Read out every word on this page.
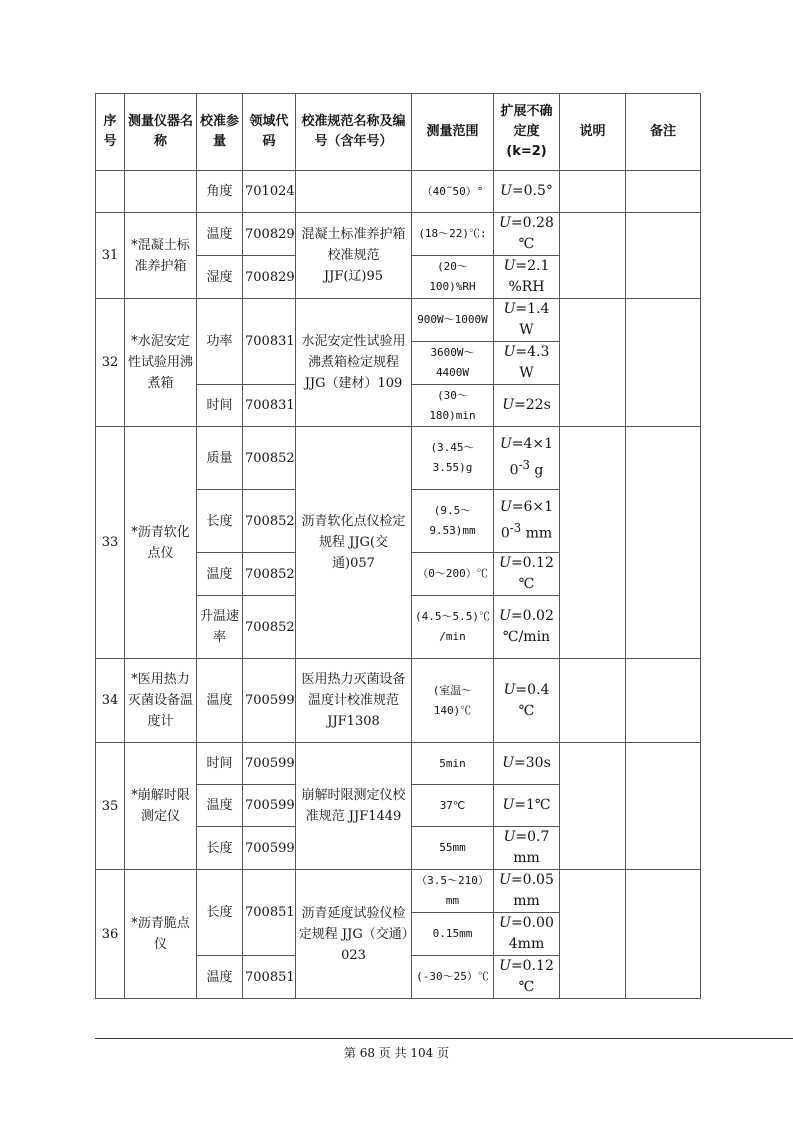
序号	测量仪器名称	校准参量	领域代码	校准规范名称及编号（含年号）	测量范围	扩展不确定度(k=2)	说明	备注
		角度	701024		（40˜50）°	U=0.5°		
31	*混凝土标准养护箱	温度	700829	混凝土标准养护箱校准规范 JJF(辽)95	(18～22)℃:	U=0.28 ℃		
		湿度	700829		(20～100)%RH	U=2.1 %RH		
32	*水泥安定性试验用沸煮箱	功率	700831	水泥安定性试验用沸煮箱检定规程 JJG（建材）109	900W～1000W	U=1.4 W		
					3600W～4400W	U=4.3 W		
		时间	700831		(30～180)min	U=22s		
33	*沥青软化点仪	质量	700852	沥青软化点仪检定规程 JJG(交通)057	(3.45～3.55)g	U=4×1
$0^{-3}$ g		
		长度	700852		(9.5～9.53)mm	U=6×1
$0^{-3}$ mm		
		温度	700852		（0～200）℃	U=0.12 ℃		
		升温速率	700852		(4.5～5.5)℃ /min	U=0.02 ℃/min		
34	*医用热力灭菌设备温度计	温度	700599	医用热力灭菌设备温度计校准规范 JJF1308	(室温～140)℃	U=0.4 ℃		
35	*崩解时限测定仪	时间	700599	崩解时限测定仪校准规范 JJF1449	5min	U=30s		
		温度	700599		37℃	U=1℃		
		长度	700599		55mm	U=0.7 mm		
36	*沥青脆点仪	长度	700851	沥青延度试验仪检定规程 JJG（交通）023	（3.5～210）mm	U=0.05 mm		
					0.15mm	U=0.00 4mm		
		温度	700851		(-30～25）℃	U=0.12 ℃		
第 68 页 共 104 页
